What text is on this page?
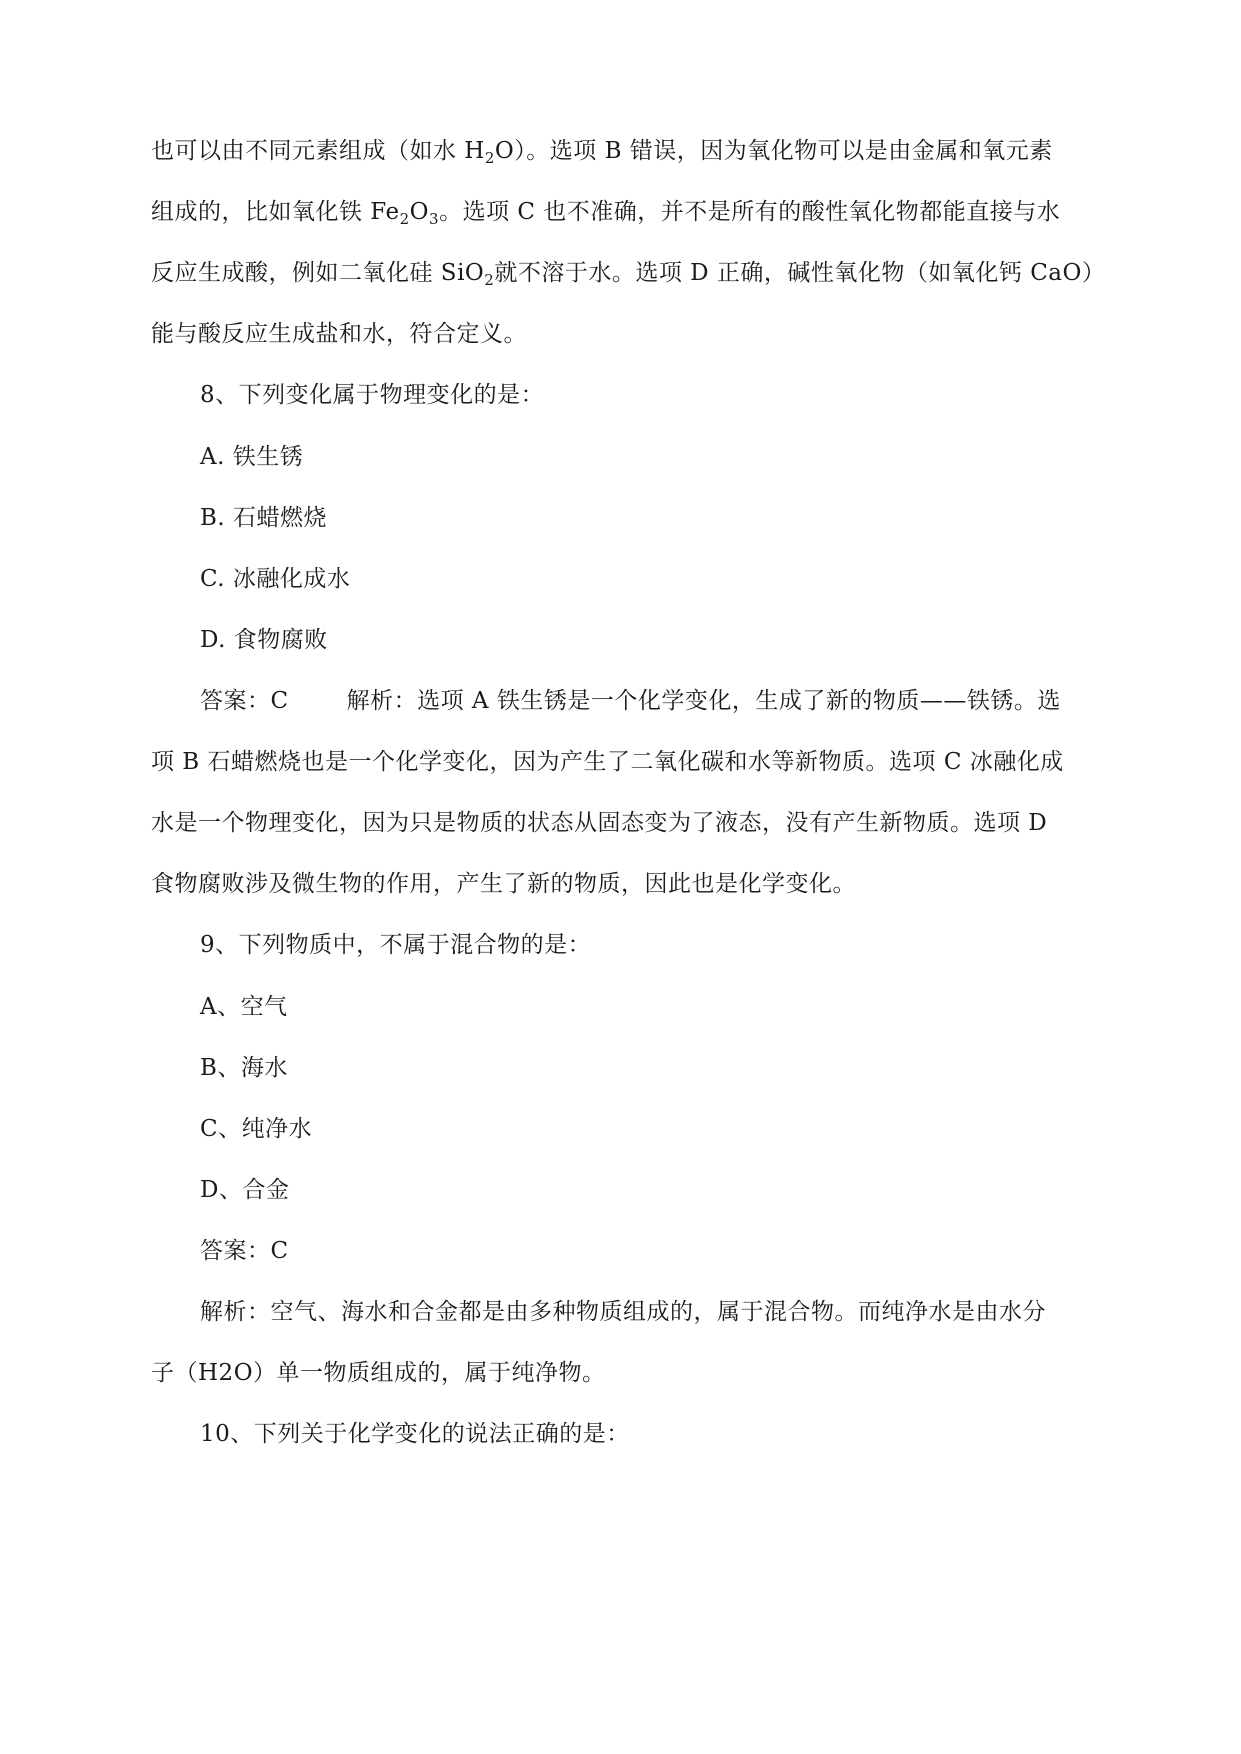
也可以由不同元素组成（如水 $H_2O$）。选项 B 错误，因为氧化物可以是由金属和氧元素
组成的，比如氧化铁 $Fe_2O_3$。选项 C 也不准确，并不是所有的酸性氧化物都能直接与水
反应生成酸，例如二氧化硅 SiO$_2$就不溶于水。选项 D 正确，碱性氧化物（如氧化钙 CaO）
能与酸反应生成盐和水，符合定义。
8、下列变化属于物理变化的是：
A. 铁生锈
B. 石蜡燃烧
C. 冰融化成水
D. 食物腐败
答案：C	解析：选项 A 铁生锈是一个化学变化，生成了新的物质——铁锈。选
项 B 石蜡燃烧也是一个化学变化，因为产生了二氧化碳和水等新物质。选项 C 冰融化成
水是一个物理变化，因为只是物质的状态从固态变为了液态，没有产生新物质。选项 D
食物腐败涉及微生物的作用，产生了新的物质，因此也是化学变化。
9、下列物质中，不属于混合物的是：
A、空气
B、海水
C、纯净水
D、合金
答案：C
解析：空气、海水和合金都是由多种物质组成的，属于混合物。而纯净水是由水分
子（H2O）单一物质组成的，属于纯净物。
10、下列关于化学变化的说法正确的是：
